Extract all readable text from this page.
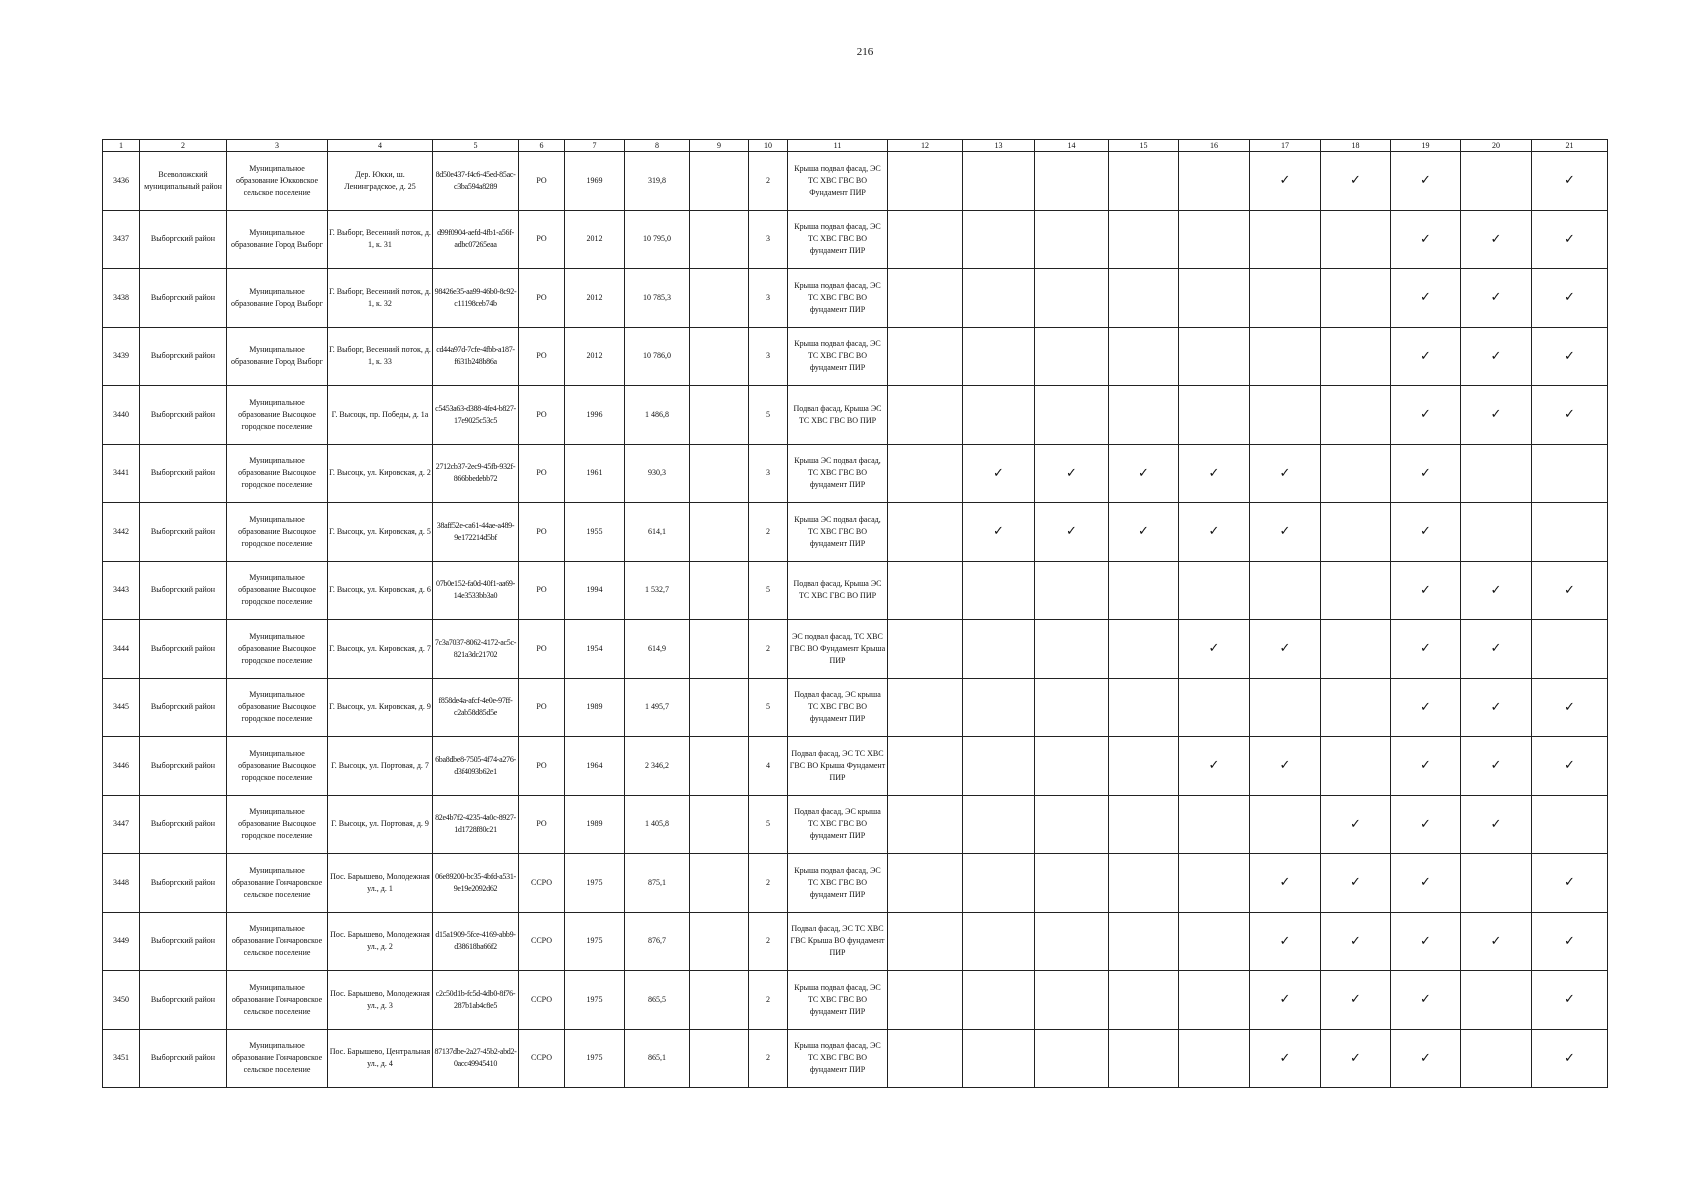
216
1	2	3	4	5	6	7	8	9	10	11	12	13	14	15	16	17	18	19	20	21
3436	Всеволожский муниципальный район	Муниципальное образование Юкковское сельское поселение	Дер. Юкки, ш. Ленинградское, д. 25	8d50e437-f4c6-45ed-85ac-c3ba594a8289	РО	1969	319,8		2	Крыша подвал фасад, ЭС ТС ХВС ГВС ВО Фундамент ПИР						✓	✓	✓		✓
3437	Выборгский район	Муниципальное образование Город Выборг	Г. Выборг, Весенний поток, д. 1, к. 31	d99f0904-aefd-4fb1-a56f-adbc07265eaa	РО	2012	10 795,0		3	Крыша подвал фасад, ЭС ТС ХВС ГВС ВО фундамент ПИР								✓	✓	✓
3438	Выборгский район	Муниципальное образование Город Выборг	Г. Выборг, Весенний поток, д. 1, к. 32	98426e35-aa99-46b0-8c92-c11198ceb74b	РО	2012	10 785,3		3	Крыша подвал фасад, ЭС ТС ХВС ГВС ВО фундамент ПИР								✓	✓	✓
3439	Выборгский район	Муниципальное образование Город Выборг	Г. Выборг, Весенний поток, д. 1, к. 33	cd44a97d-7cfe-4fbb-a187-f631b248b86a	РО	2012	10 786,0		3	Крыша подвал фасад, ЭС ТС ХВС ГВС ВО фундамент ПИР								✓	✓	✓
3440	Выборгский район	Муниципальное образование Высоцкое городское поселение	Г. Высоцк, пр. Победы, д. 1а	c5453a63-d388-4fe4-b827-17e9025c53c5	РО	1996	1 486,8		5	Подвал фасад, Крыша ЭС ТС ХВС ГВС ВО ПИР								✓	✓	✓
3441	Выборгский район	Муниципальное образование Высоцкое городское поселение	Г. Высоцк, ул. Кировская, д. 2	2712cb37-2ec9-45fb-932f-866bbedebb72	РО	1961	930,3		3	Крыша ЭС подвал фасад, ТС ХВС ГВС ВО фундамент ПИР		✓	✓	✓	✓	✓		✓		
3442	Выборгский район	Муниципальное образование Высоцкое городское поселение	Г. Высоцк, ул. Кировская, д. 5	38aff52e-ca61-44ae-a489-9e172214d5bf	РО	1955	614,1		2	Крыша ЭС подвал фасад, ТС ХВС ГВС ВО фундамент ПИР		✓	✓	✓	✓	✓		✓		
3443	Выборгский район	Муниципальное образование Высоцкое городское поселение	Г. Высоцк, ул. Кировская, д. 6	07b0e152-fa0d-40f1-aa69-14e3533bb3a0	РО	1994	1 532,7		5	Подвал фасад, Крыша ЭС ТС ХВС ГВС ВО ПИР								✓	✓	✓
3444	Выборгский район	Муниципальное образование Высоцкое городское поселение	Г. Высоцк, ул. Кировская, д. 7	7c3a7037-8062-4172-ac5c-821a3dc21702	РО	1954	614,9		2	ЭС подвал фасад, ТС ХВС ГВС ВО Фундамент Крыша ПИР					✓	✓		✓	✓	
3445	Выборгский район	Муниципальное образование Высоцкое городское поселение	Г. Высоцк, ул. Кировская, д. 9	f858de4a-afcf-4e0e-97ff-c2ab58d85d5e	РО	1989	1 495,7		5	Подвал фасад, ЭС крыша ТС ХВС ГВС ВО фундамент ПИР								✓	✓	✓
3446	Выборгский район	Муниципальное образование Высоцкое городское поселение	Г. Высоцк, ул. Портовая, д. 7	6ba8dbe8-7505-4f74-a276-d3f4093b62e1	РО	1964	2 346,2		4	Подвал фасад, ЭС ТС ХВС ГВС ВО Крыша Фундамент ПИР					✓	✓		✓	✓	✓
3447	Выборгский район	Муниципальное образование Высоцкое городское поселение	Г. Высоцк, ул. Портовая, д. 9	82e4b7f2-4235-4a0c-8927-1d1728f80c21	РО	1989	1 405,8		5	Подвал фасад, ЭС крыша ТС ХВС ГВС ВО фундамент ПИР							✓	✓	✓	
3448	Выборгский район	Муниципальное образование Гончаровское сельское поселение	Пос. Барышево, Молодежная ул., д. 1	06e89200-bc35-4bfd-a531-9e19e2092d62	ССРО	1975	875,1		2	Крыша подвал фасад, ЭС ТС ХВС ГВС ВО фундамент ПИР						✓	✓	✓		✓
3449	Выборгский район	Муниципальное образование Гончаровское сельское поселение	Пос. Барышево, Молодежная ул., д. 2	d15a1909-5fce-4169-abb9-d38618ba66f2	ССРО	1975	876,7		2	Подвал фасад, ЭС ТС ХВС ГВС Крыша ВО фундамент ПИР						✓	✓	✓	✓	✓
3450	Выборгский район	Муниципальное образование Гончаровское сельское поселение	Пос. Барышево, Молодежная ул., д. 3	c2c50d1b-fc5d-4db0-8f76-287b1ab4c8e5	ССРО	1975	865,5		2	Крыша подвал фасад, ЭС ТС ХВС ГВС ВО фундамент ПИР						✓	✓	✓		✓
3451	Выборгский район	Муниципальное образование Гончаровское сельское поселение	Пос. Барышево, Центральная ул., д. 4	87137dbe-2a27-45b2-abd2-0acc49945410	ССРО	1975	865,1		2	Крыша подвал фасад, ЭС ТС ХВС ГВС ВО фундамент ПИР						✓	✓	✓		✓
